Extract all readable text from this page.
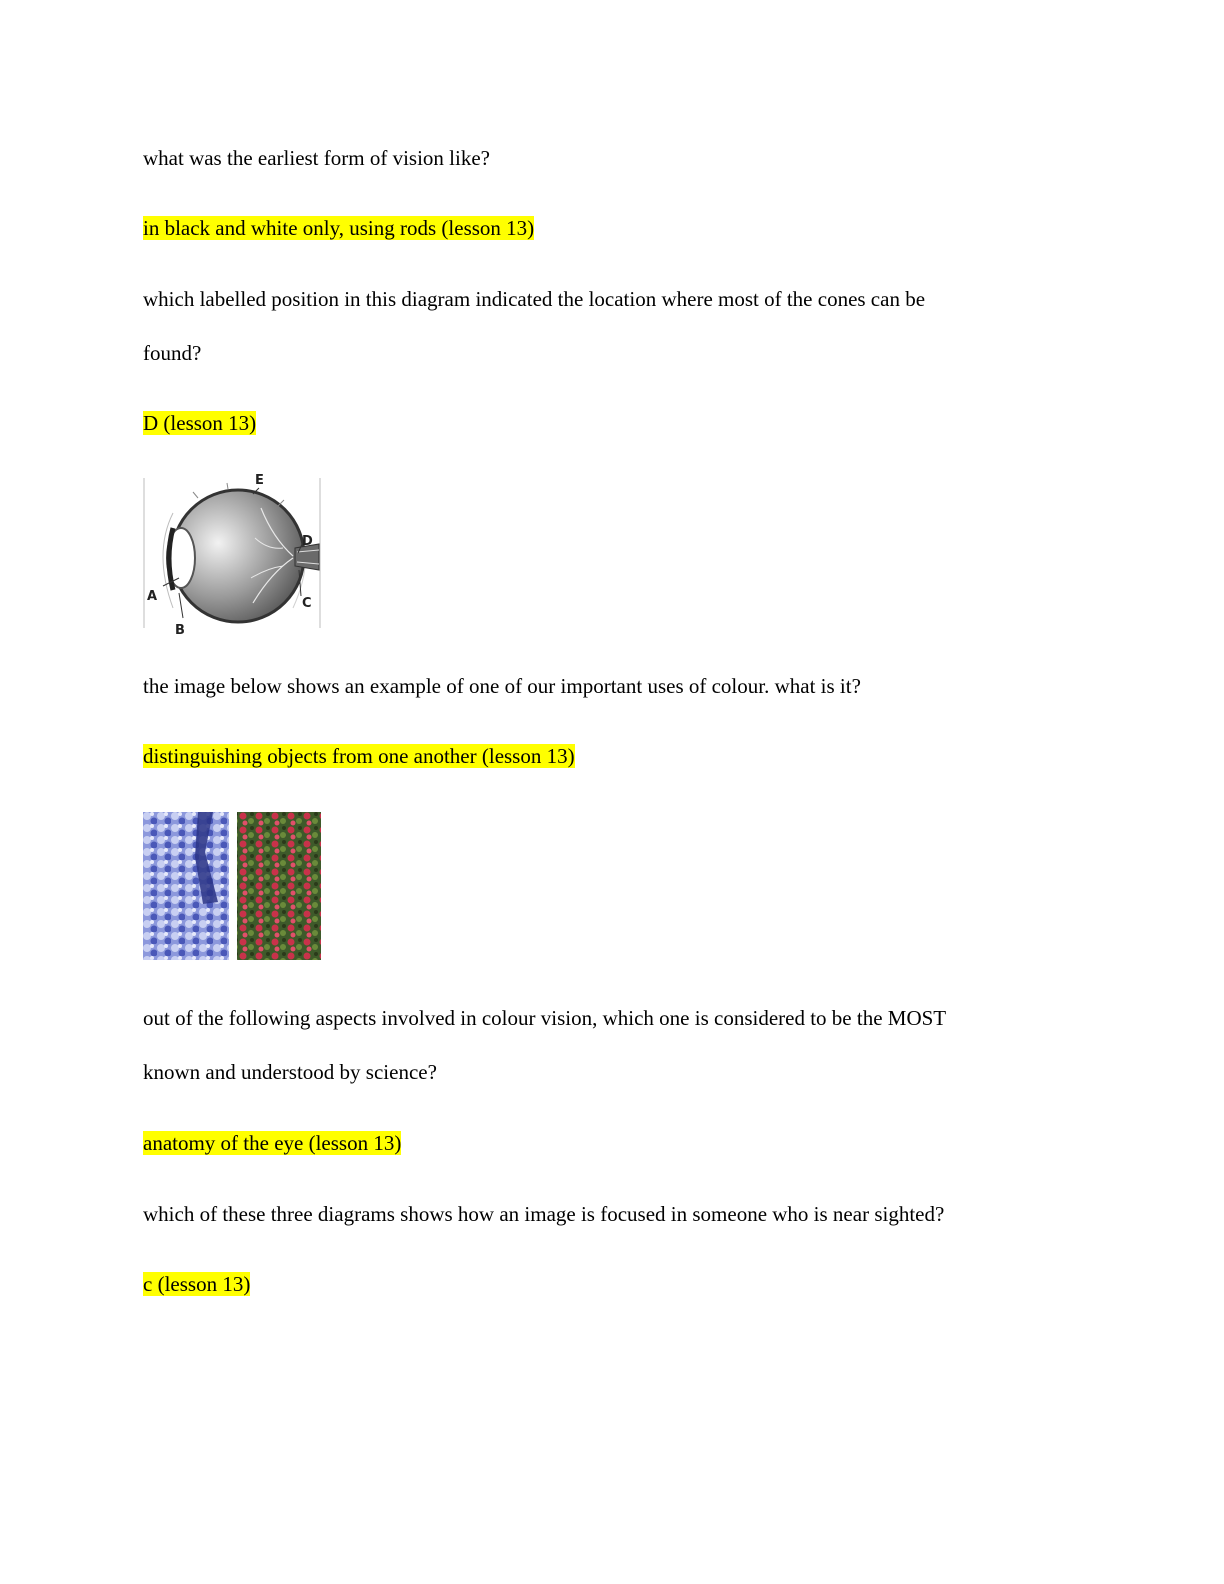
what was the earliest form of vision like?
in black and white only, using rods (lesson 13)
which labelled position in this diagram indicated the location where most of the cones can be
found?
D (lesson 13)
A
B
C
D
E
the image below shows an example of one of our important uses of colour. what is it?
distinguishing objects from one another (lesson 13)
out of the following aspects involved in colour vision, which one is considered to be the MOST
known and understood by science?
anatomy of the eye (lesson 13)
which of these three diagrams shows how an image is focused in someone who is near sighted?
c (lesson 13)
